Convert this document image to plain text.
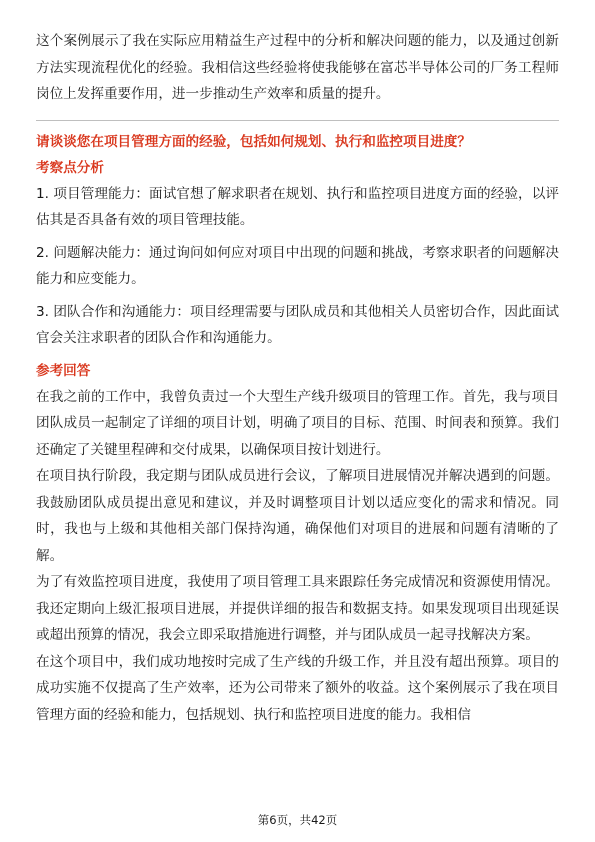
这个案例展示了我在实际应用精益生产过程中的分析和解决问题的能力，以及通过创新方法实现流程优化的经验。我相信这些经验将使我能够在富芯半导体公司的厂务工程师岗位上发挥重要作用，进一步推动生产效率和质量的提升。

请谈谈您在项目管理方面的经验，包括如何规划、执行和监控项目进度？
考察点分析

1. 项目管理能力：面试官想了解求职者在规划、执行和监控项目进度方面的经验，以评估其是否具备有效的项目管理技能。

2. 问题解决能力：通过询问如何应对项目中出现的问题和挑战，考察求职者的问题解决能力和应变能力。

3. 团队合作和沟通能力：项目经理需要与团队成员和其他相关人员密切合作，因此面试官会关注求职者的团队合作和沟通能力。

参考回答

在我之前的工作中，我曾负责过一个大型生产线升级项目的管理工作。首先，我与项目团队成员一起制定了详细的项目计划，明确了项目的目标、范围、时间表和预算。我们还确定了关键里程碑和交付成果，以确保项目按计划进行。

在项目执行阶段，我定期与团队成员进行会议，了解项目进展情况并解决遇到的问题。我鼓励团队成员提出意见和建议，并及时调整项目计划以适应变化的需求和情况。同时，我也与上级和其他相关部门保持沟通，确保他们对项目的进展和问题有清晰的了解。

为了有效监控项目进度，我使用了项目管理工具来跟踪任务完成情况和资源使用情况。我还定期向上级汇报项目进展，并提供详细的报告和数据支持。如果发现项目出现延误或超出预算的情况，我会立即采取措施进行调整，并与团队成员一起寻找解决方案。

在这个项目中，我们成功地按时完成了生产线的升级工作，并且没有超出预算。项目的成功实施不仅提高了生产效率，还为公司带来了额外的收益。这个案例展示了我在项目管理方面的经验和能力，包括规划、执行和监控项目进度的能力。我相信

第6页，共42页
